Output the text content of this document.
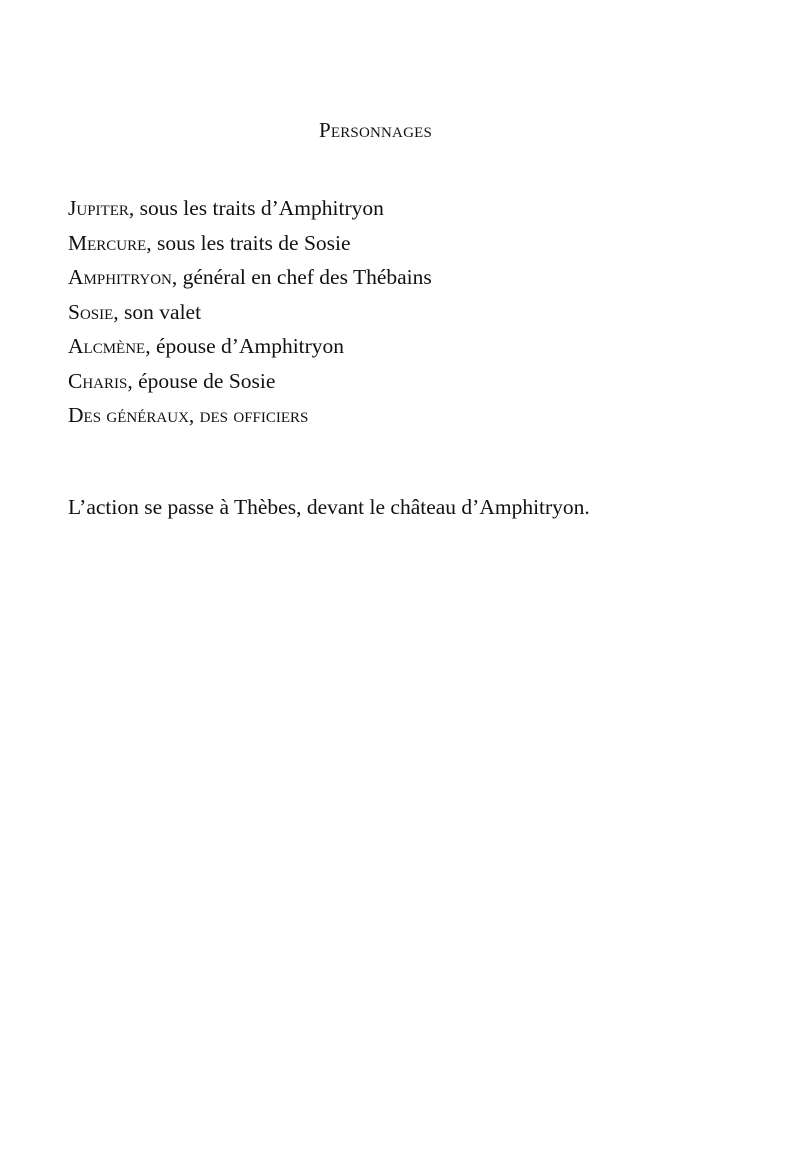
Personnages
Jupiter, sous les traits d’Amphitryon
Mercure, sous les traits de Sosie
Amphitryon, général en chef des Thébains
Sosie, son valet
Alcmène, épouse d’Amphitryon
Charis, épouse de Sosie
Des généraux, des officiers
L’action se passe à Thèbes, devant le château d’Amphitryon.
